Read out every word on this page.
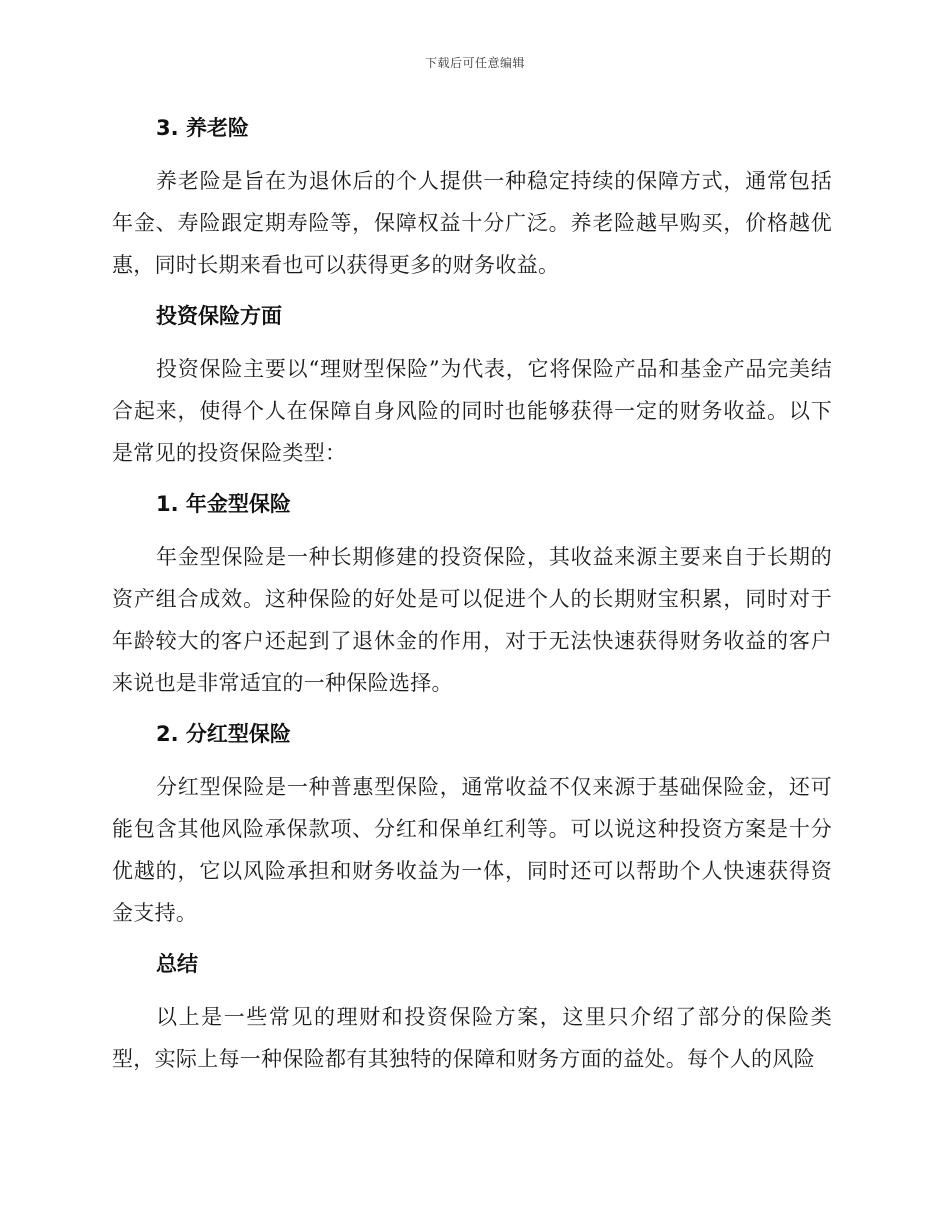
下载后可任意编辑
3. 养老险

养老险是旨在为退休后的个人提供一种稳定持续的保障方式，通常包括年金、寿险跟定期寿险等，保障权益十分广泛。养老险越早购买，价格越优惠，同时长期来看也可以获得更多的财务收益。

投资保险方面

投资保险主要以“理财型保险”为代表，它将保险产品和基金产品完美结合起来，使得个人在保障自身风险的同时也能够获得一定的财务收益。以下是常见的投资保险类型：

1. 年金型保险

年金型保险是一种长期修建的投资保险，其收益来源主要来自于长期的资产组合成效。这种保险的好处是可以促进个人的长期财宝积累，同时对于年龄较大的客户还起到了退休金的作用，对于无法快速获得财务收益的客户来说也是非常适宜的一种保险选择。

2. 分红型保险

分红型保险是一种普惠型保险，通常收益不仅来源于基础保险金，还可能包含其他风险承保款项、分红和保单红利等。可以说这种投资方案是十分优越的，它以风险承担和财务收益为一体，同时还可以帮助个人快速获得资金支持。

总结

以上是一些常见的理财和投资保险方案，这里只介绍了部分的保险类型，实际上每一种保险都有其独特的保障和财务方面的益处。每个人的风险
